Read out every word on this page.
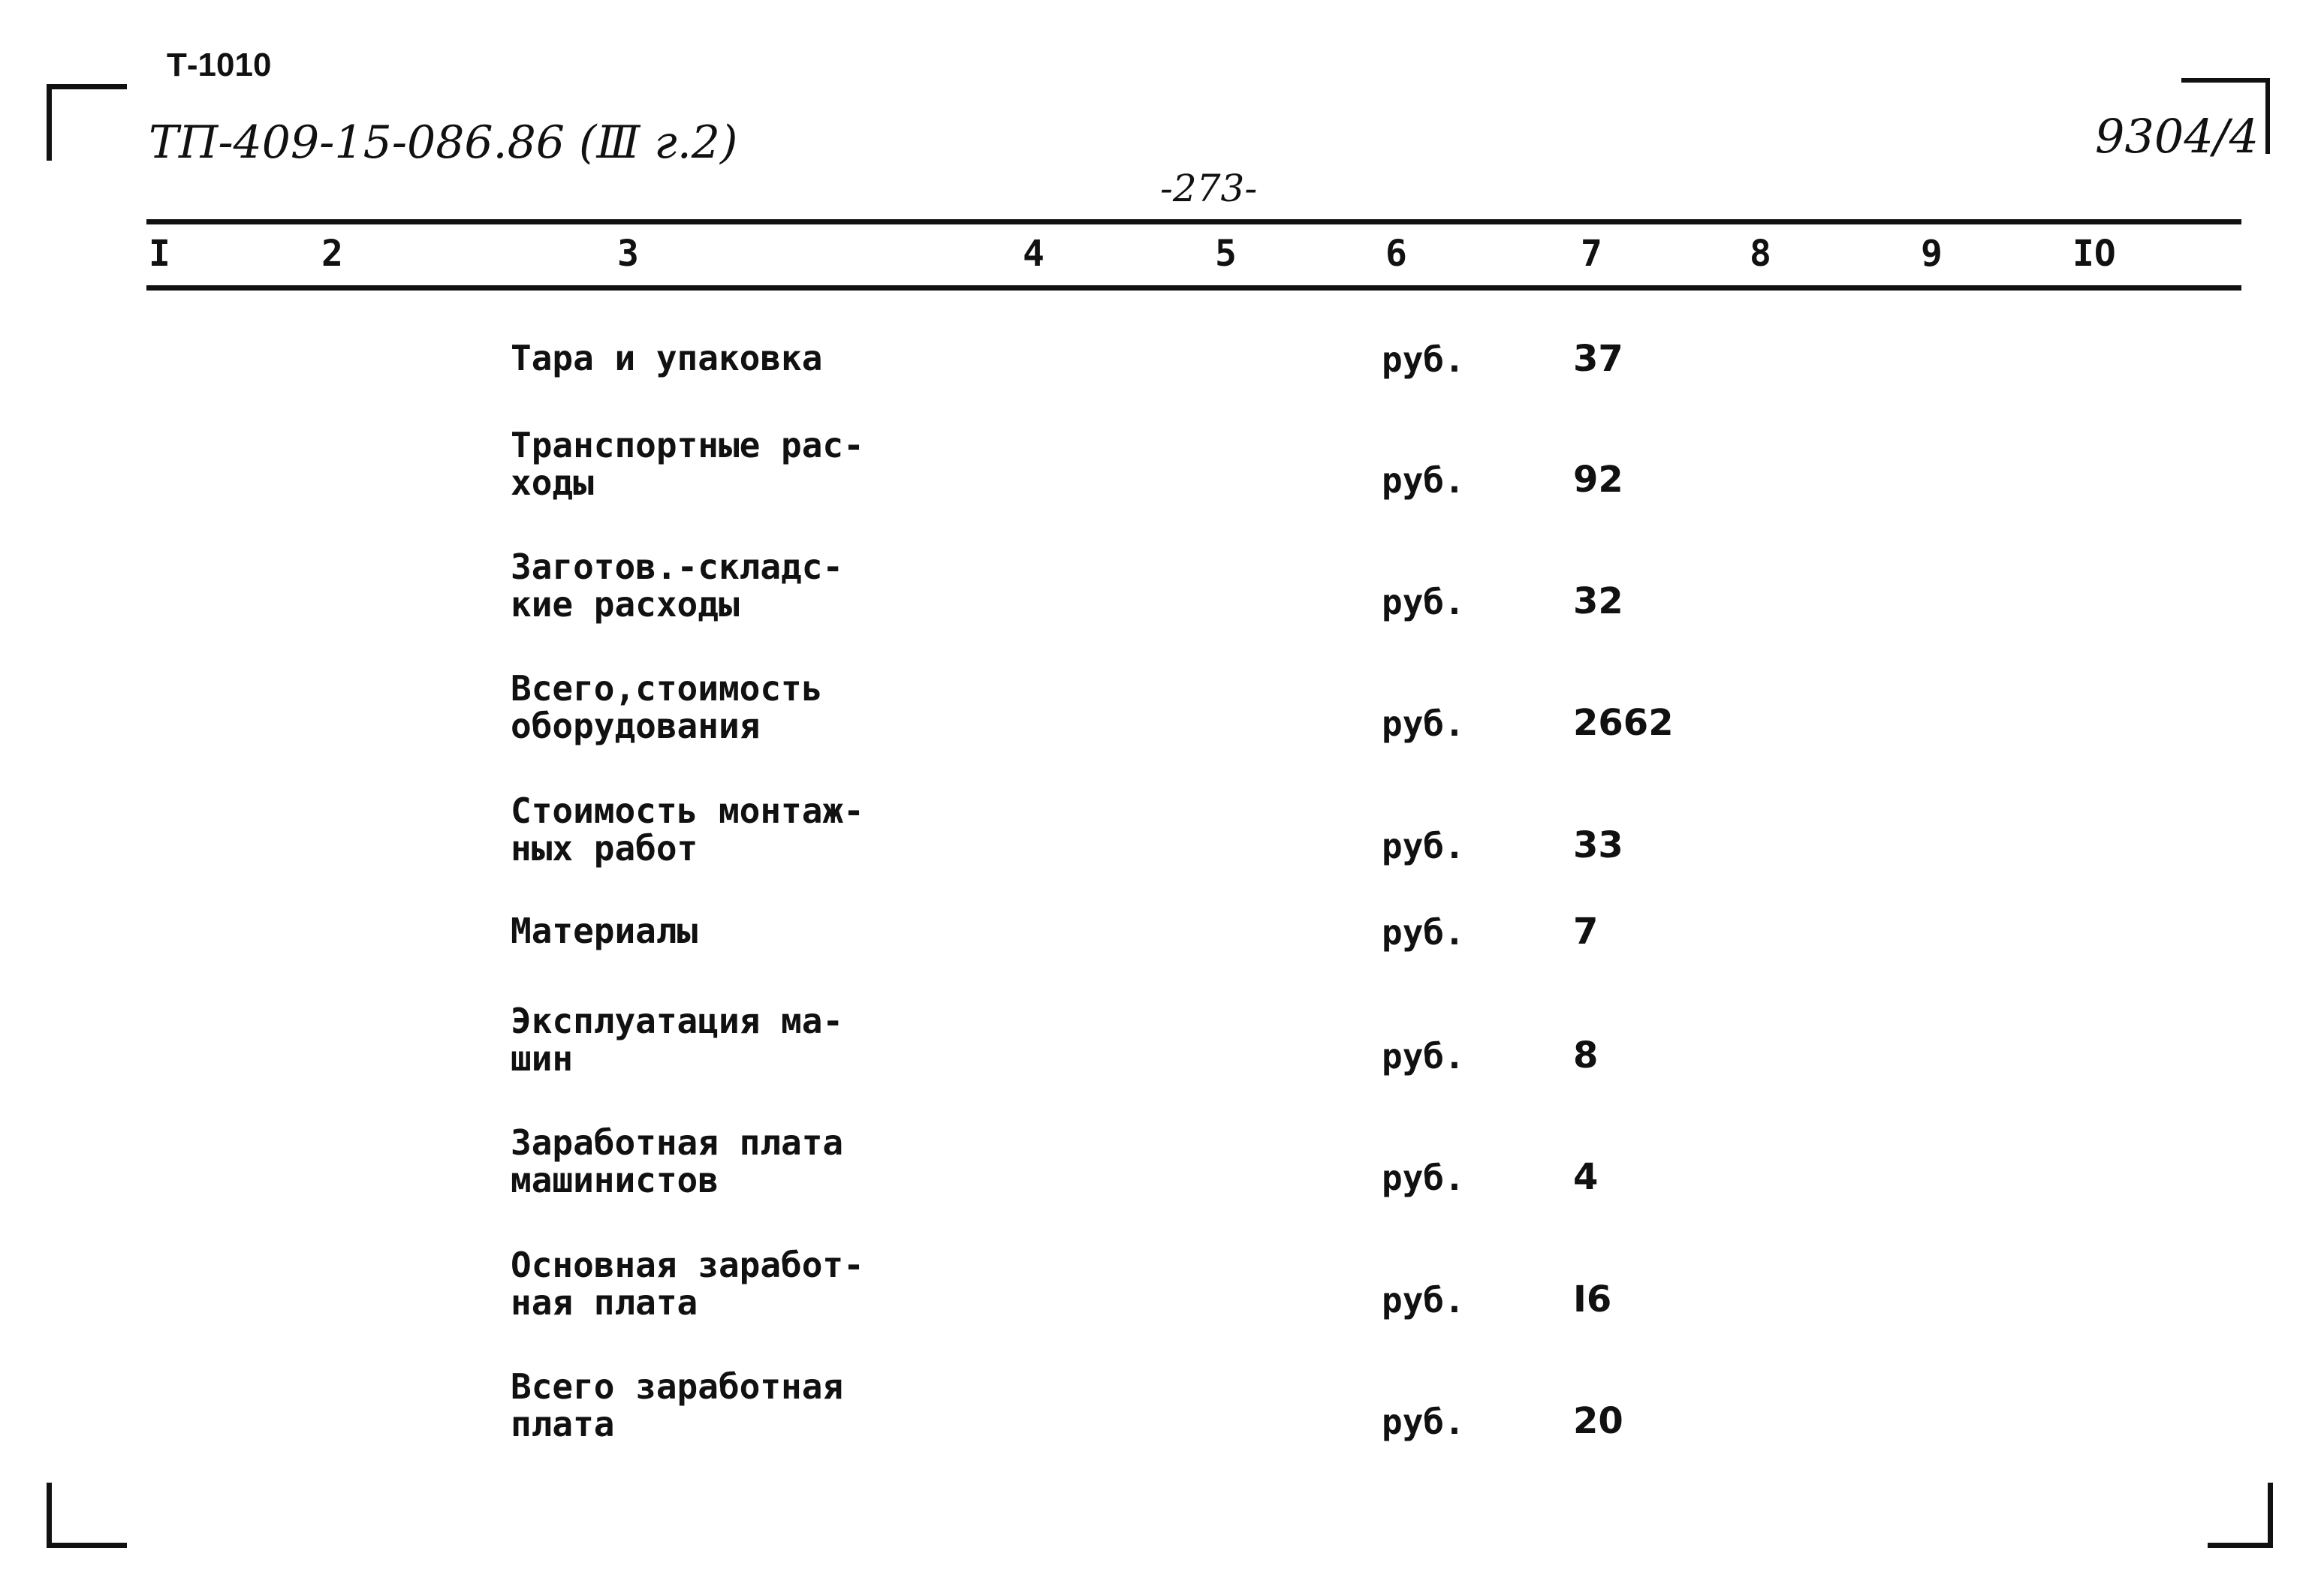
Т-1010
ТП-409-15-086.86 (Ⅲ г.2)	9304/4
-273-
I	2	3	4	5	6	7	8	9	IO
Тара и упаковка	руб.	37
Транспортные рас-
ходы	руб.	92
Заготов.-складс-
кие расходы	руб.	32
Всего,стоимость
оборудования	руб.	2662
Стоимость монтаж-
ных работ	руб.	33
Материалы	руб.	7
Эксплуатация ма-
шин	руб.	8
Заработная плата
машинистов	руб.	4
Основная заработ-
ная плата	руб.	I6
Всего заработная
плата	руб.	20
